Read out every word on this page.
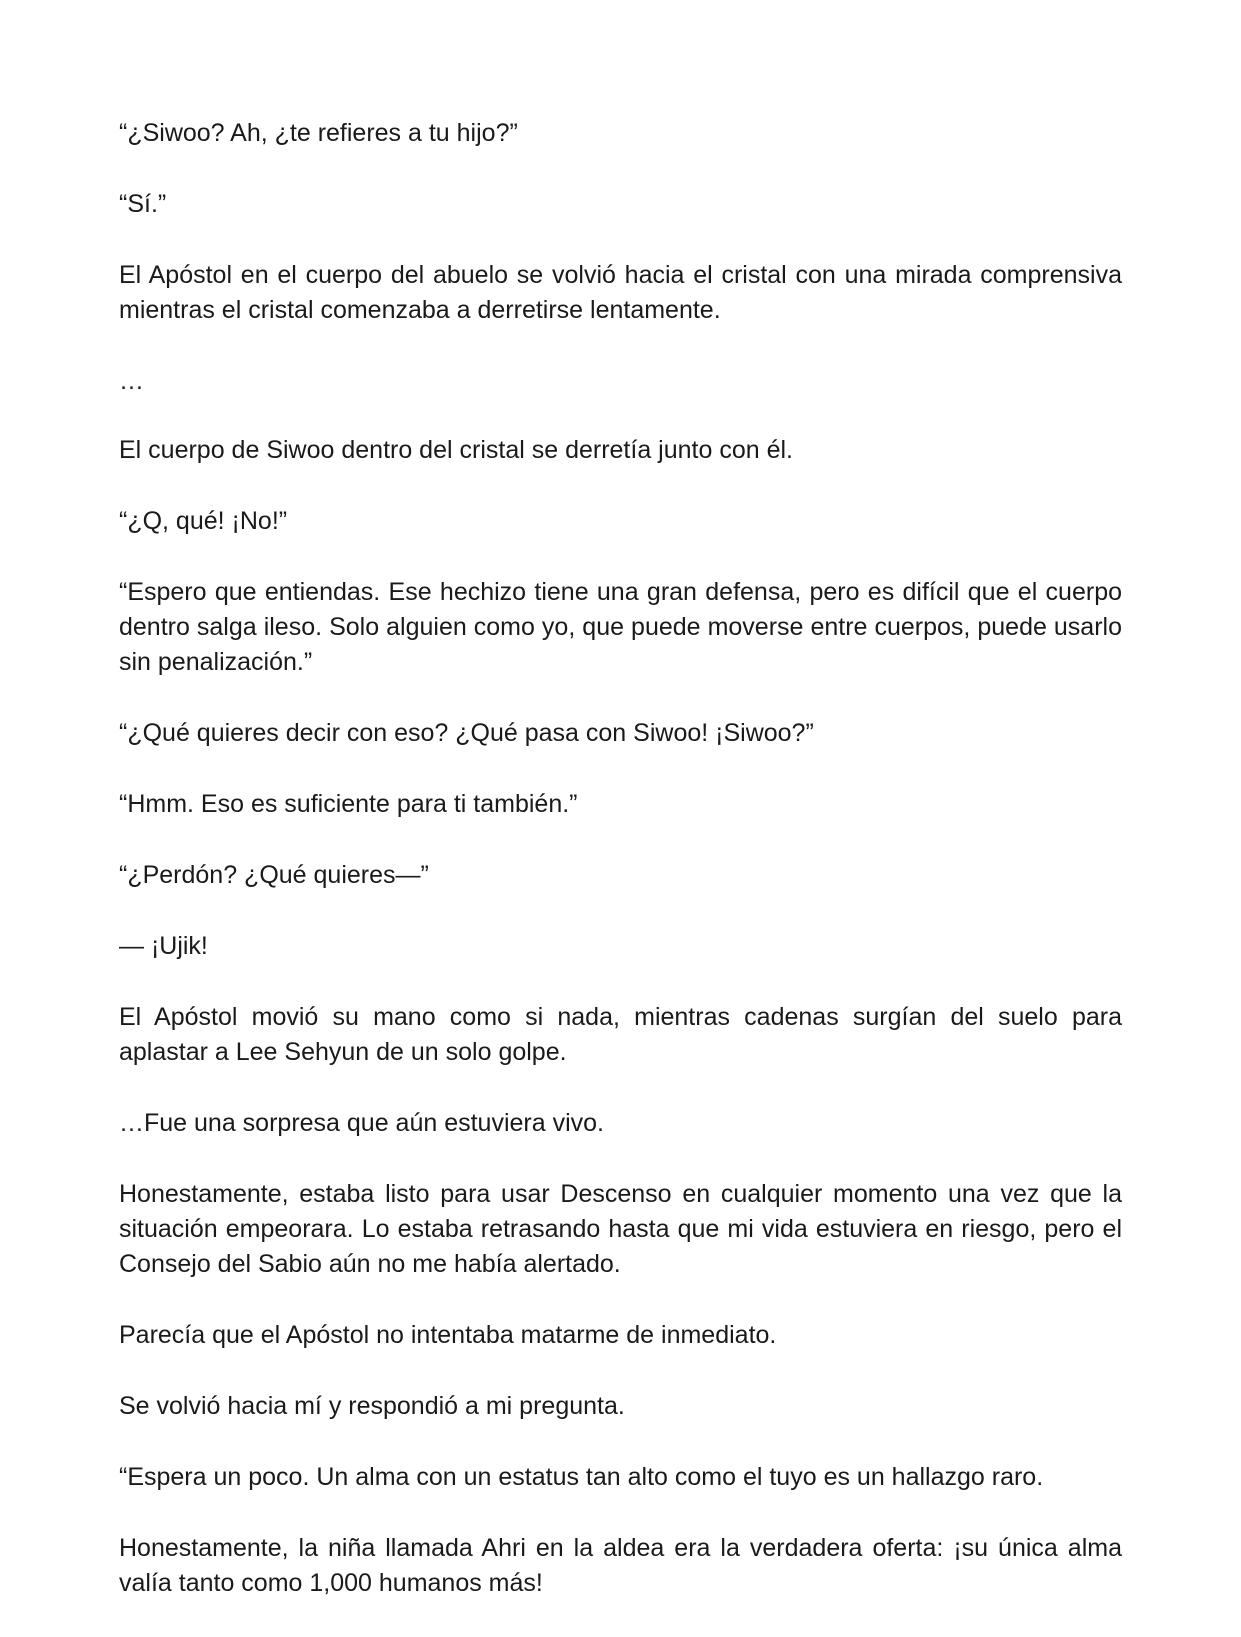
“¿Siwoo? Ah, ¿te refieres a tu hijo?”

“Sí.”

El Apóstol en el cuerpo del abuelo se volvió hacia el cristal con una mirada comprensiva mientras el cristal comenzaba a derretirse lentamente.

…

El cuerpo de Siwoo dentro del cristal se derretía junto con él.

“¿Q, qué! ¡No!”

“Espero que entiendas. Ese hechizo tiene una gran defensa, pero es difícil que el cuerpo dentro salga ileso. Solo alguien como yo, que puede moverse entre cuerpos, puede usarlo sin penalización.”

“¿Qué quieres decir con eso? ¿Qué pasa con Siwoo! ¡Siwoo?”

“Hmm. Eso es suficiente para ti también.”

“¿Perdón? ¿Qué quieres—”

— ¡Ujik!

El Apóstol movió su mano como si nada, mientras cadenas surgían del suelo para aplastar a Lee Sehyun de un solo golpe.

…Fue una sorpresa que aún estuviera vivo.

Honestamente, estaba listo para usar Descenso en cualquier momento una vez que la situación empeorara. Lo estaba retrasando hasta que mi vida estuviera en riesgo, pero el Consejo del Sabio aún no me había alertado.

Parecía que el Apóstol no intentaba matarme de inmediato.

Se volvió hacia mí y respondió a mi pregunta.

“Espera un poco. Un alma con un estatus tan alto como el tuyo es un hallazgo raro.

Honestamente, la niña llamada Ahri en la aldea era la verdadera oferta: ¡su única alma valía tanto como 1,000 humanos más!
